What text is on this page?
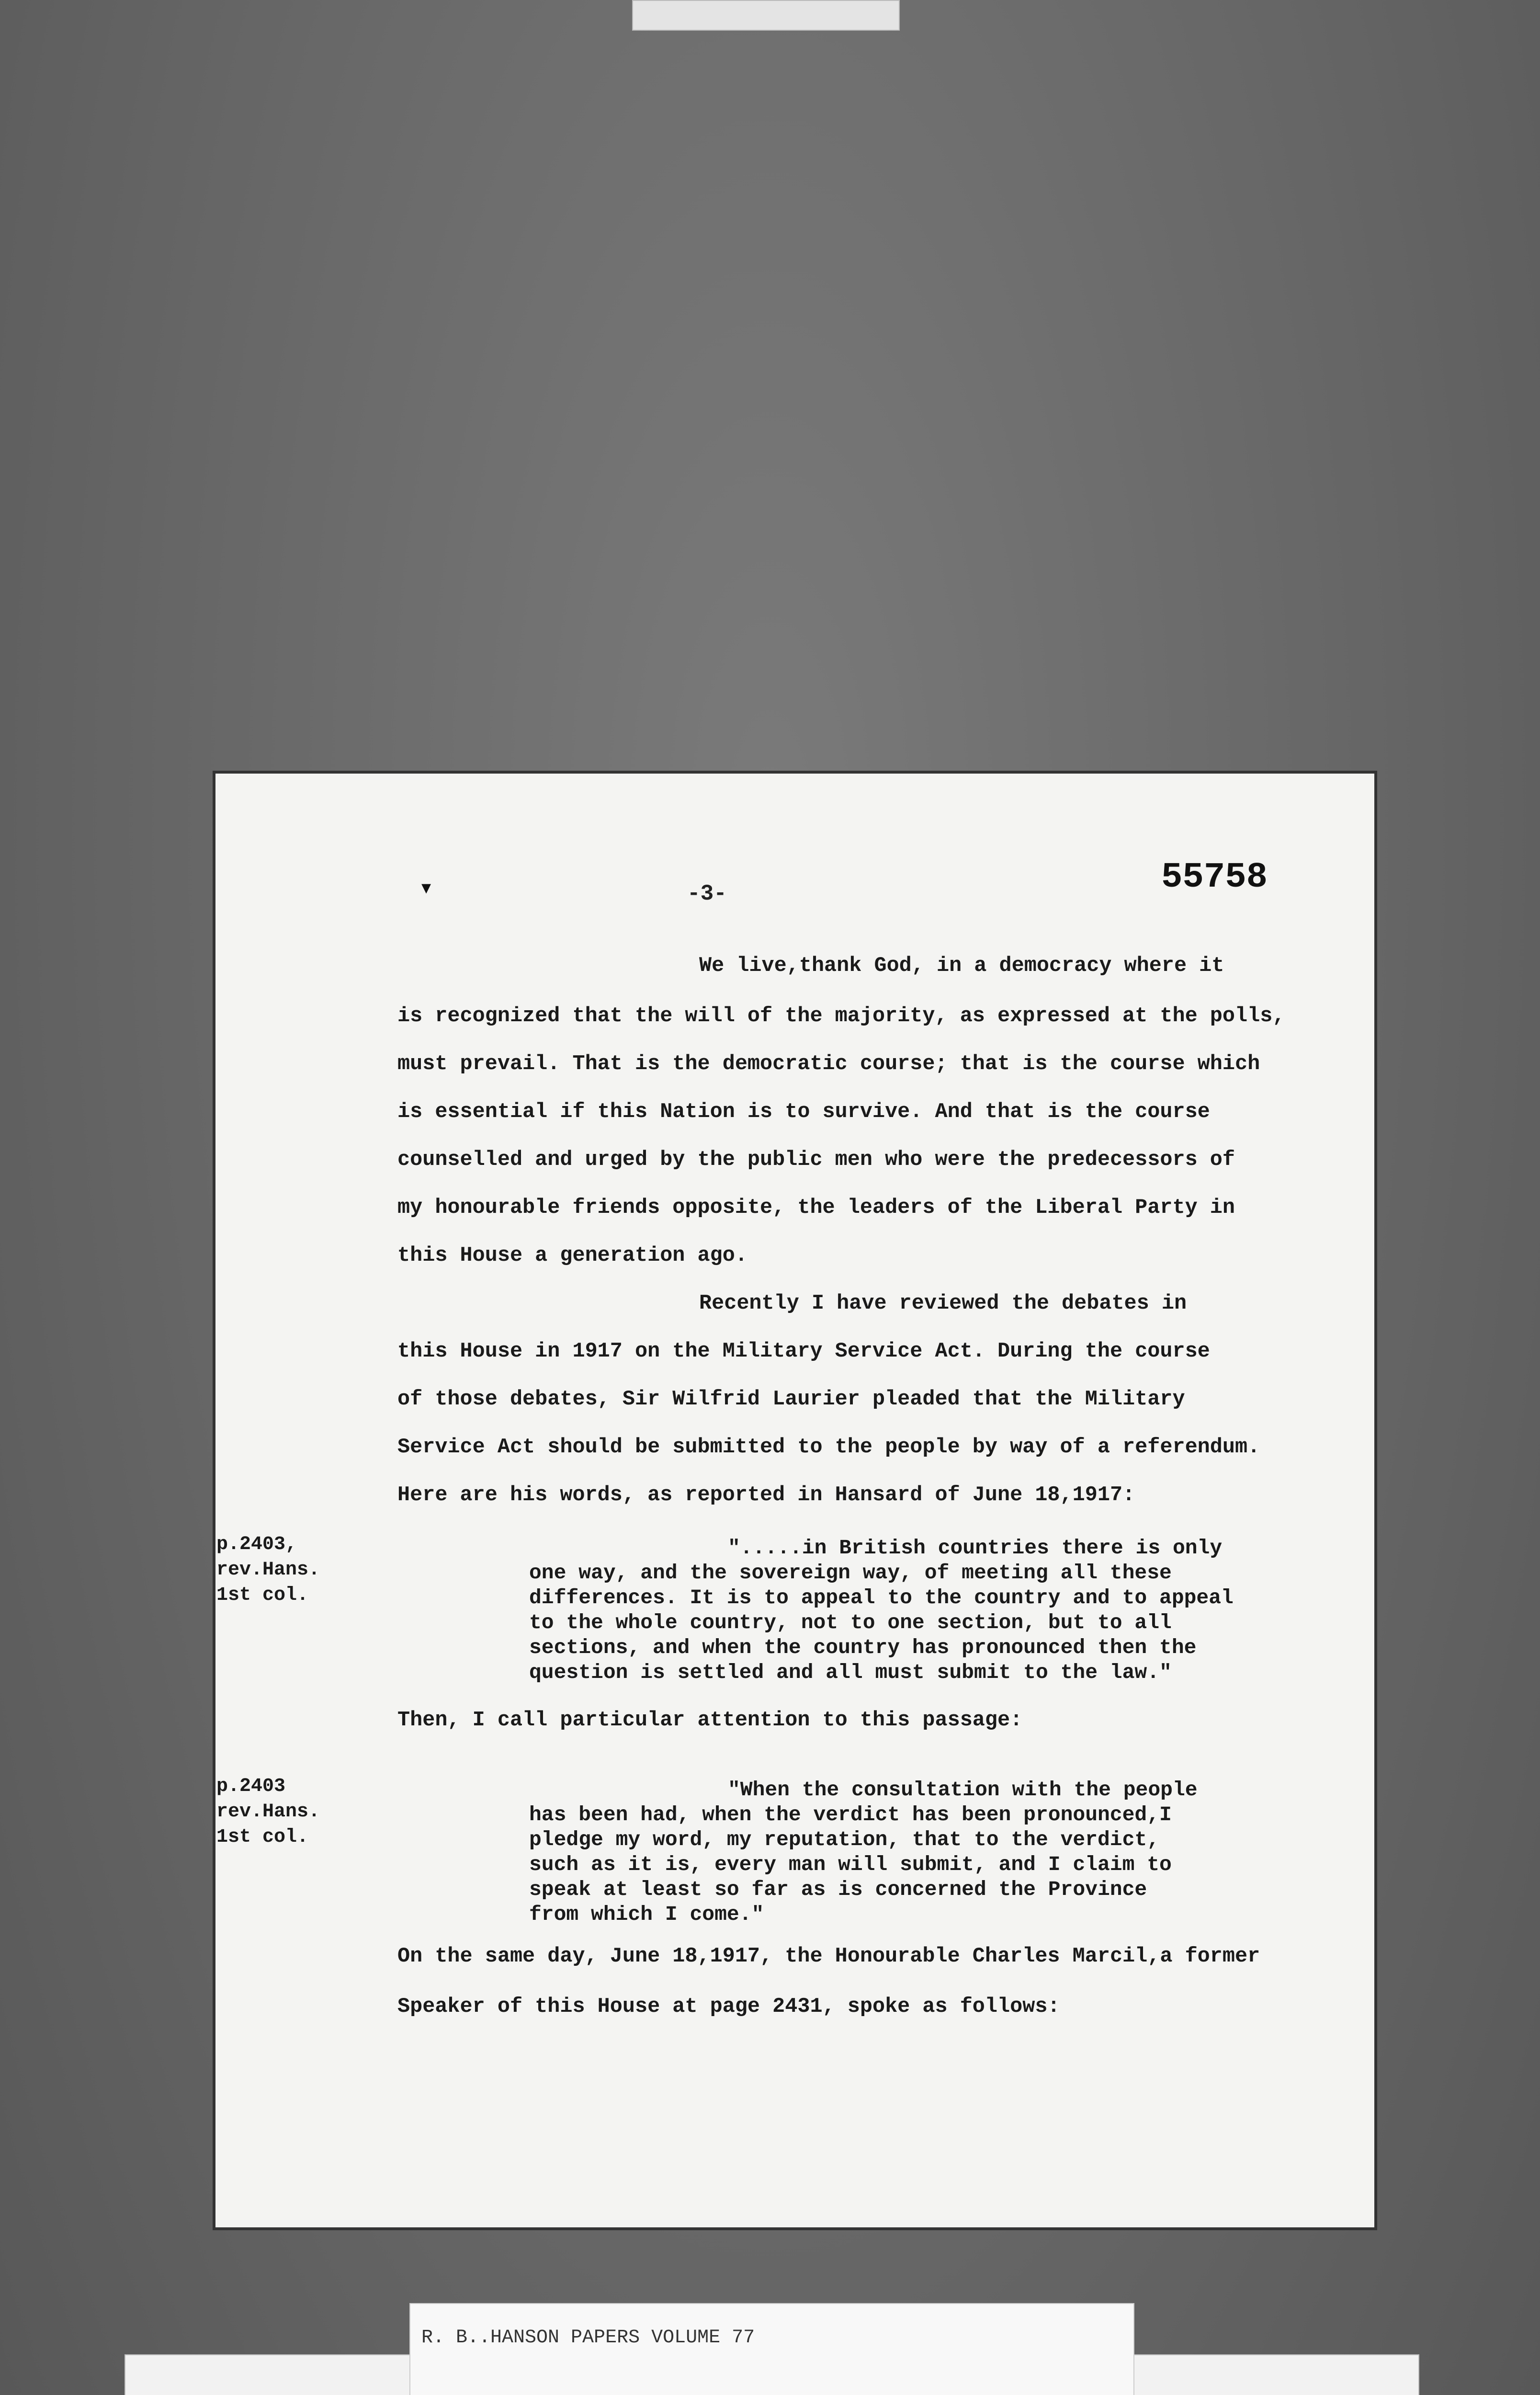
▾	-3-	55758
We live,thank God, in a democracy where it
is recognized that the will of the majority, as expressed at the polls,
must prevail. That is the democratic course; that is the course which
is essential if this Nation is to survive. And that is the course
counselled and urged by the public men who were the predecessors of
my honourable friends opposite, the leaders of the Liberal Party in
this House a generation ago.
Recently I have reviewed the debates in
this House in 1917 on the Military Service Act. During the course
of those debates, Sir Wilfrid Laurier pleaded that the Military
Service Act should be submitted to the people by way of a referendum.
Here are his words, as reported in Hansard of June 18,1917:
p.2403,
rev.Hans.
1st col.
".....in British countries there is only
one way, and the sovereign way, of meeting all these
differences. It is to appeal to the country and to appeal
to the whole country, not to one section, but to all
sections, and when the country has pronounced then the
question is settled and all must submit to the law."
Then, I call particular attention to this passage:
p.2403
rev.Hans.
1st col.
"When the consultation with the people
has been had, when the verdict has been pronounced,I
pledge my word, my reputation, that to the verdict,
such as it is, every man will submit, and I claim to
speak at least so far as is concerned the Province
from which I come."
On the same day, June 18,1917, the Honourable Charles Marcil,a former
Speaker of this House at page 2431, spoke as follows:
R. B..HANSON PAPERS VOLUME 77
